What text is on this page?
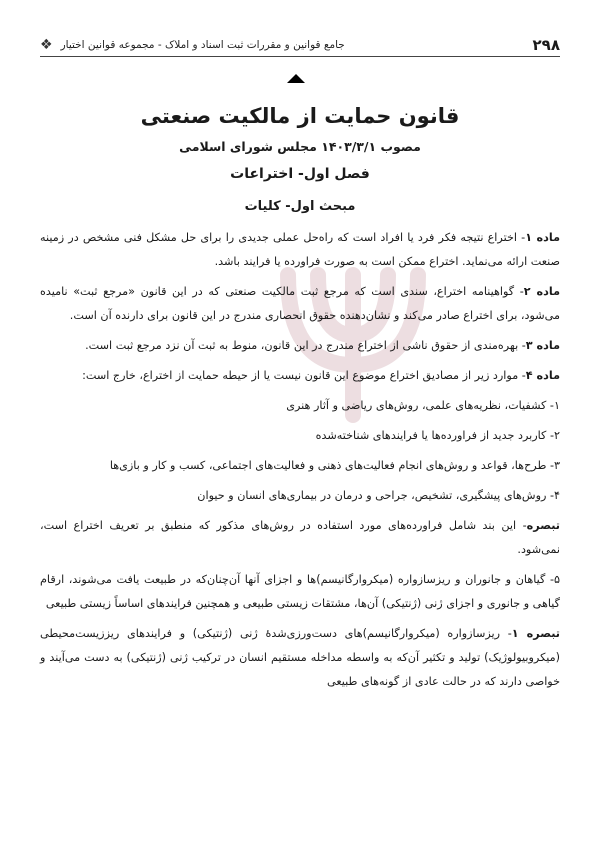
۲۹۸
جامع قوانین و مقررات ثبت اسناد و املاک - مجموعه قوانین اختیار
❖
قانون حمایت از مالکیت صنعتی
مصوب ۱۴۰۳/۳/۱ مجلس شورای اسلامی
فصل اول- اختراعات
مبحث اول- کلیات

ماده ۱- اختراع نتیجه فکر فرد یا افراد است که راه‌حل عملی جدیدی را برای حل مشکل فنی مشخص در زمینه صنعت ارائه می‌نماید. اختراع ممکن است به صورت فراورده یا فرایند باشد.

ماده ۲- گواهینامه اختراع، سندی است که مرجع ثبت مالکیت صنعتی که در این قانون «مرجع ثبت» نامیده می‌شود، برای اختراع صادر می‌کند و نشان‌دهنده حقوق انحصاری مندرج در این قانون برای دارنده آن است.

ماده ۳- بهره‌مندی از حقوق ناشی از اختراع مندرج در این قانون، منوط به ثبت آن نزد مرجع ثبت است.

ماده ۴- موارد زیر از مصادیق اختراع موضوع این قانون نیست یا از حیطه حمایت از اختراع، خارج است:

۱- کشفیات، نظریه‌های علمی، روش‌های ریاضی و آثار هنری

۲- کاربرد جدید از فراورده‌ها یا فرایندهای شناخته‌شده

۳- طرح‌ها، قواعد و روش‌های انجام فعالیت‌های ذهنی و فعالیت‌های اجتماعی، کسب و کار و بازی‌ها

۴- روش‌های پیشگیری، تشخیص، جراحی و درمان در بیماری‌های انسان و حیوان

تبصره- این بند شامل فراورده‌های مورد استفاده در روش‌های مذکور که منطبق بر تعریف اختراع است، نمی‌شود.

۵- گیاهان و جانوران و ریزسازواره (میکروارگانیسم)ها و اجزای آنها آن‌چنان‌که در طبیعت یافت می‌شوند، ارقام گیاهی و جانوری و اجزای ژنی (ژنتیکی) آن‌ها، مشتقات زیستی طبیعی و همچنین فرایندهای اساساً زیستی طبیعی

تبصره ۱- ریزسازواره (میکروارگانیسم)های دست‌ورزی‌شدهٔ ژنی (ژنتیکی) و فرایندهای ریززیست‌محیطی (میکروبیولوژیک) تولید و تکثیر آن‌که به واسطه مداخله مستقیم انسان در ترکیب ژنی (ژنتیکی) به دست می‌آیند و خواصی دارند که در حالت عادی از گونه‌های طبیعی
